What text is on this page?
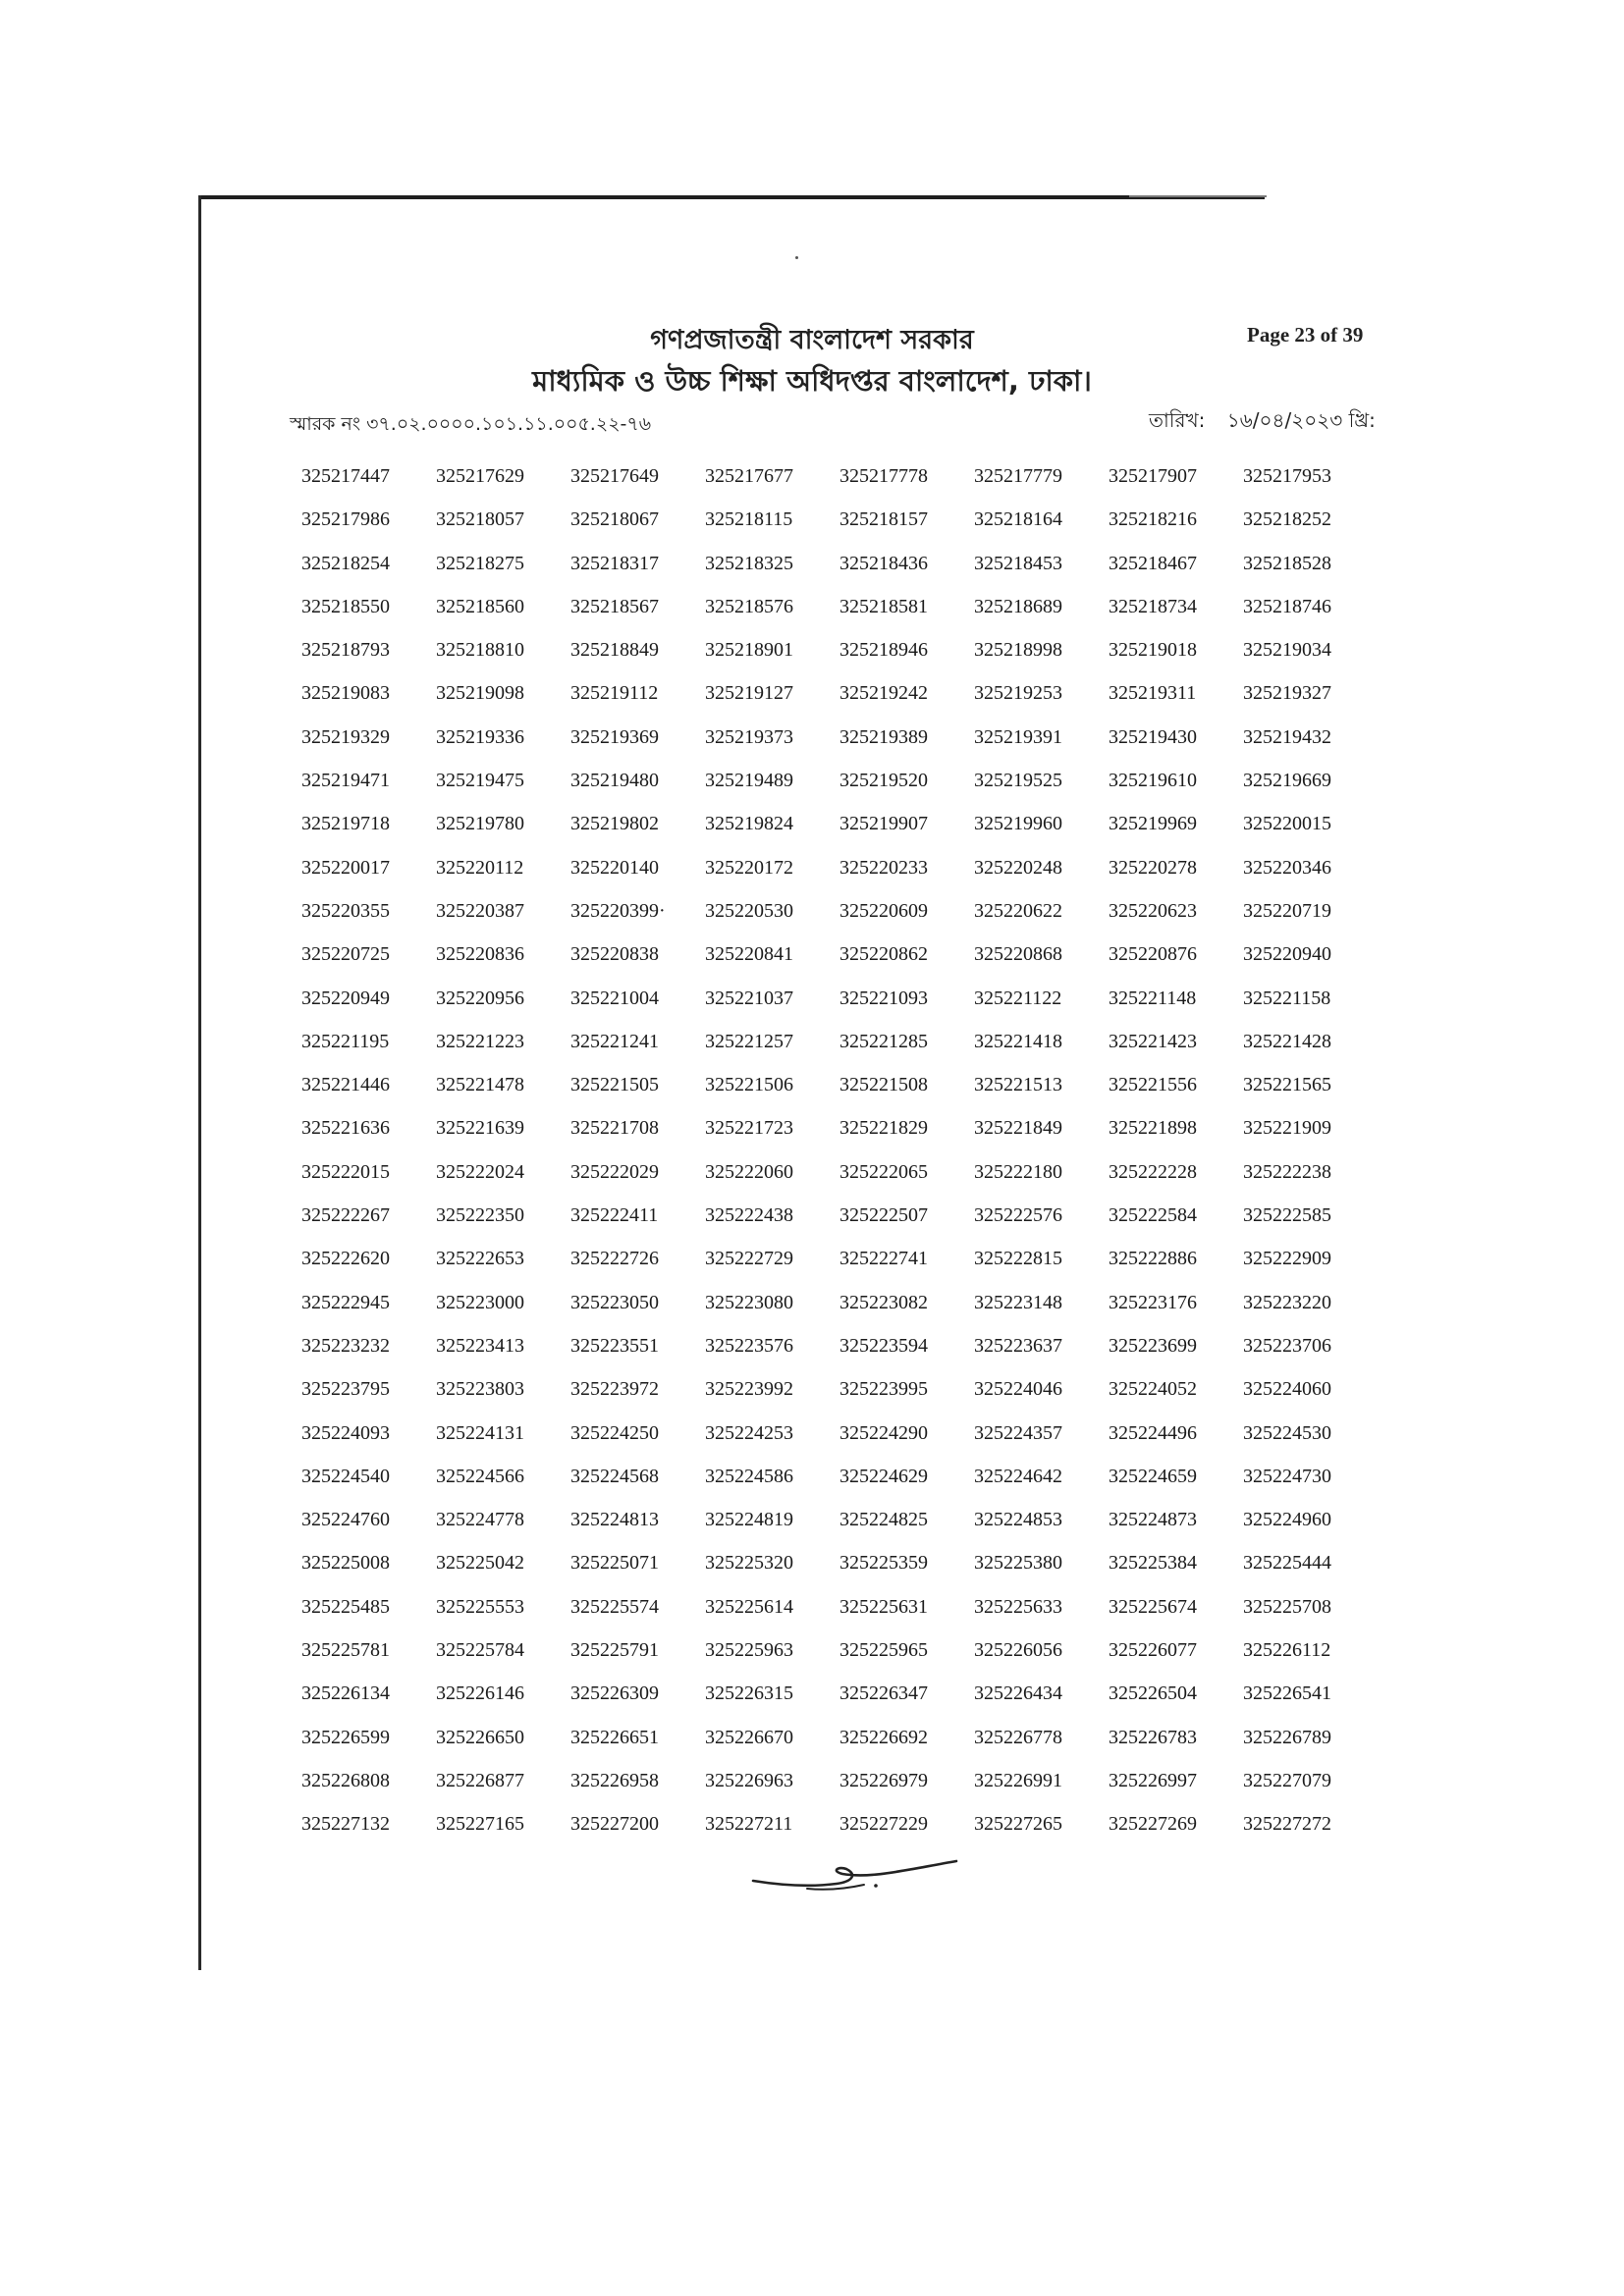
গণপ্রজাতন্ত্রী বাংলাদেশ সরকার
মাধ্যমিক ও উচ্চ শিক্ষা অধিদপ্তর বাংলাদেশ, ঢাকা।
Page 23 of 39
স্মারক নং ৩৭.০২.০০০০.১০১.১১.০০৫.২২-৭৬	তারিখ: ১৬/০৪/২০২৩ খ্রি:
325217447	325217629	325217649	325217677	325217778	325217779	325217907	325217953
325217986	325218057	325218067	325218115	325218157	325218164	325218216	325218252
325218254	325218275	325218317	325218325	325218436	325218453	325218467	325218528
325218550	325218560	325218567	325218576	325218581	325218689	325218734	325218746
325218793	325218810	325218849	325218901	325218946	325218998	325219018	325219034
325219083	325219098	325219112	325219127	325219242	325219253	325219311	325219327
325219329	325219336	325219369	325219373	325219389	325219391	325219430	325219432
325219471	325219475	325219480	325219489	325219520	325219525	325219610	325219669
325219718	325219780	325219802	325219824	325219907	325219960	325219969	325220015
325220017	325220112	325220140	325220172	325220233	325220248	325220278	325220346
325220355	325220387	325220399·	325220530	325220609	325220622	325220623	325220719
325220725	325220836	325220838	325220841	325220862	325220868	325220876	325220940
325220949	325220956	325221004	325221037	325221093	325221122	325221148	325221158
325221195	325221223	325221241	325221257	325221285	325221418	325221423	325221428
325221446	325221478	325221505	325221506	325221508	325221513	325221556	325221565
325221636	325221639	325221708	325221723	325221829	325221849	325221898	325221909
325222015	325222024	325222029	325222060	325222065	325222180	325222228	325222238
325222267	325222350	325222411	325222438	325222507	325222576	325222584	325222585
325222620	325222653	325222726	325222729	325222741	325222815	325222886	325222909
325222945	325223000	325223050	325223080	325223082	325223148	325223176	325223220
325223232	325223413	325223551	325223576	325223594	325223637	325223699	325223706
325223795	325223803	325223972	325223992	325223995	325224046	325224052	325224060
325224093	325224131	325224250	325224253	325224290	325224357	325224496	325224530
325224540	325224566	325224568	325224586	325224629	325224642	325224659	325224730
325224760	325224778	325224813	325224819	325224825	325224853	325224873	325224960
325225008	325225042	325225071	325225320	325225359	325225380	325225384	325225444
325225485	325225553	325225574	325225614	325225631	325225633	325225674	325225708
325225781	325225784	325225791	325225963	325225965	325226056	325226077	325226112
325226134	325226146	325226309	325226315	325226347	325226434	325226504	325226541
325226599	325226650	325226651	325226670	325226692	325226778	325226783	325226789
325226808	325226877	325226958	325226963	325226979	325226991	325226997	325227079
325227132	325227165	325227200	325227211	325227229	325227265	325227269	325227272
